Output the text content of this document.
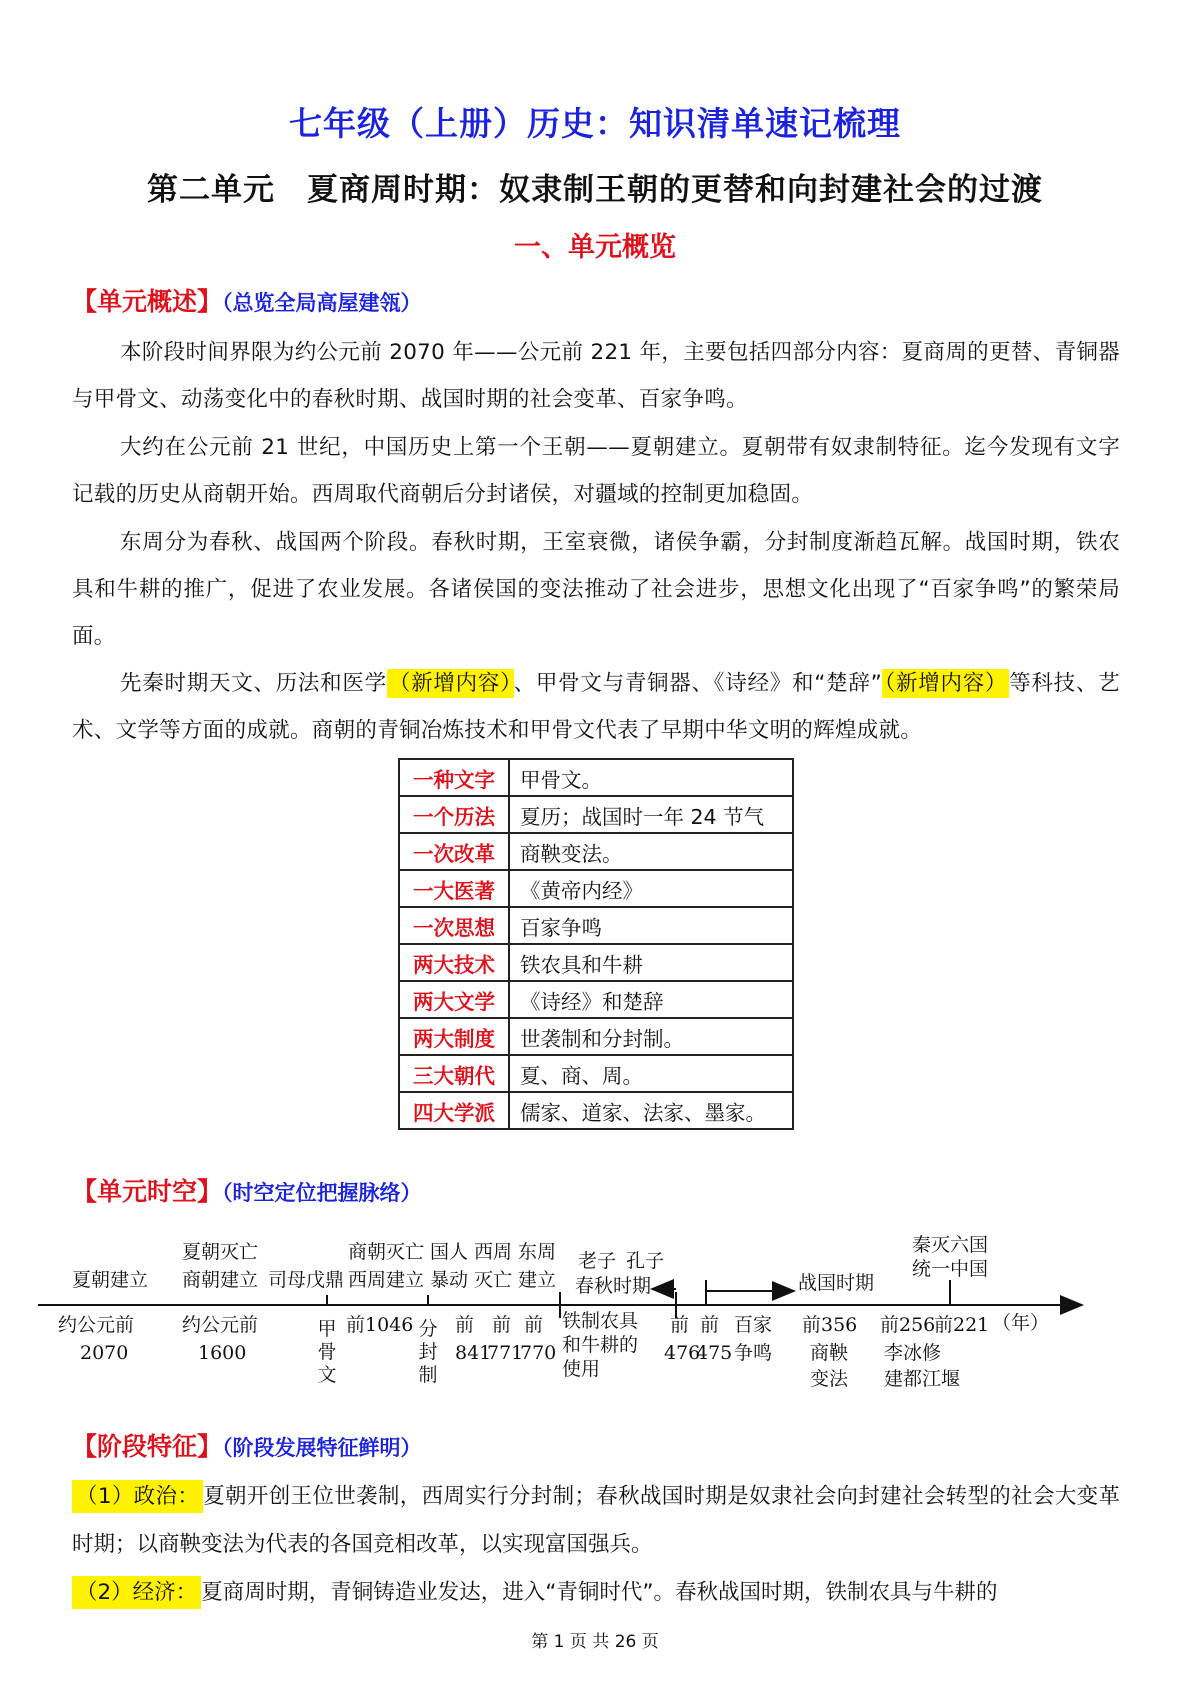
七年级（上册）历史：知识清单速记梳理
第二单元　夏商周时期：奴隶制王朝的更替和向封建社会的过渡
一、单元概览
【单元概述】（总览全局高屋建瓴）
本阶段时间界限为约公元前 2070 年——公元前 221 年，主要包括四部分内容：夏商周的更替、青铜器与甲骨文、动荡变化中的春秋时期、战国时期的社会变革、百家争鸣。
大约在公元前 21 世纪，中国历史上第一个王朝——夏朝建立。夏朝带有奴隶制特征。迄今发现有文字记载的历史从商朝开始。西周取代商朝后分封诸侯，对疆域的控制更加稳固。
东周分为春秋、战国两个阶段。春秋时期，王室衰微，诸侯争霸，分封制度渐趋瓦解。战国时期，铁农具和牛耕的推广，促进了农业发展。各诸侯国的变法推动了社会进步，思想文化出现了“百家争鸣”的繁荣局面。
先秦时期天文、历法和医学（新增内容）、甲骨文与青铜器、《诗经》和“楚辞”（新增内容）等科技、艺术、文学等方面的成就。商朝的青铜冶炼技术和甲骨文代表了早期中华文明的辉煌成就。
一种文字	甲骨文。
一个历法	夏历；战国时一年 24 节气
一次改革	商鞅变法。
一大医著	《黄帝内经》
一次思想	百家争鸣
两大技术	铁农具和牛耕
两大文学	《诗经》和楚辞
两大制度	世袭制和分封制。
三大朝代	夏、商、周。
四大学派	儒家、道家、法家、墨家。
【单元时空】（时空定位把握脉络）
夏朝建立
夏朝灭亡
商朝建立 司母戊鼎
商朝灭亡
西周建立
国人
暴动
西周
灭亡
东周
建立
老子 孔子
春秋时期	战国时期
秦灭六国
统一中国
约公元前
2070
约公元前
1600
甲骨文
前1046 分封制
前 前 前
841
771
770
铁制农具
和牛耕的
使用
前 前
476
475
百家
争鸣
前356
商鞅
变法
前256
前221 （年）
李冰修
建都江堰
【阶段特征】（阶段发展特征鲜明）
（1）政治： 夏朝开创王位世袭制，西周实行分封制；春秋战国时期是奴隶社会向封建社会转型的社会大变革时期；以商鞅变法为代表的各国竞相改革，以实现富国强兵。
（2）经济： 夏商周时期，青铜铸造业发达，进入“青铜时代”。春秋战国时期，铁制农具与牛耕的
第 1 页 共 26 页
